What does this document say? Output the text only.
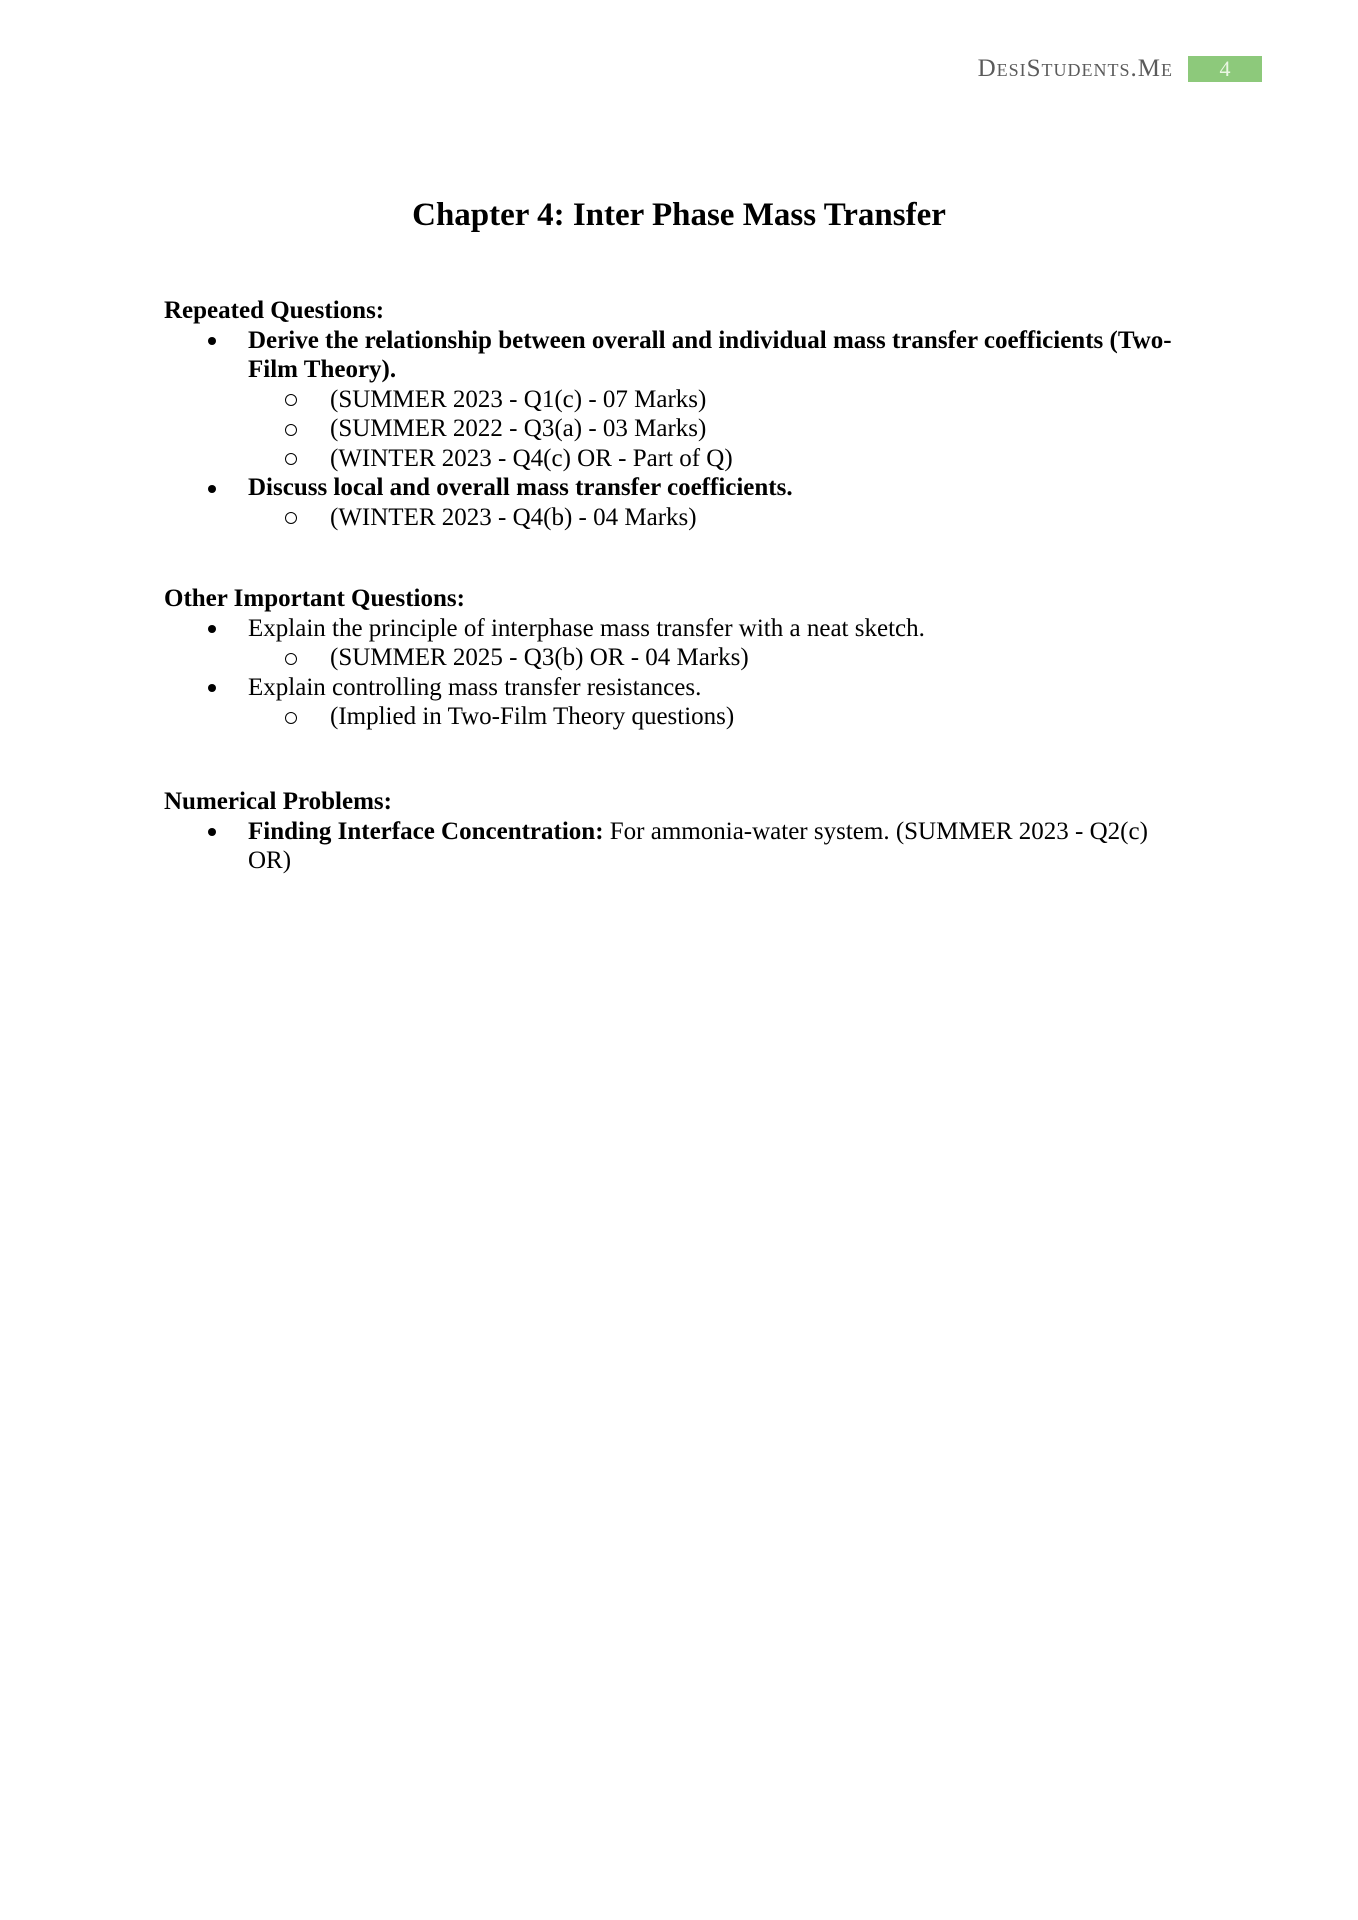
DesiStudents.Me 4
Chapter 4: Inter Phase Mass Transfer
Repeated Questions:
Derive the relationship between overall and individual mass transfer coefficients (Two-Film Theory).
(SUMMER 2023 - Q1(c) - 07 Marks)
(SUMMER 2022 - Q3(a) - 03 Marks)
(WINTER 2023 - Q4(c) OR - Part of Q)
Discuss local and overall mass transfer coefficients.
(WINTER 2023 - Q4(b) - 04 Marks)
Other Important Questions:
Explain the principle of interphase mass transfer with a neat sketch.
(SUMMER 2025 - Q3(b) OR - 04 Marks)
Explain controlling mass transfer resistances.
(Implied in Two-Film Theory questions)
Numerical Problems:
Finding Interface Concentration: For ammonia-water system. (SUMMER 2023 - Q2(c) OR)
